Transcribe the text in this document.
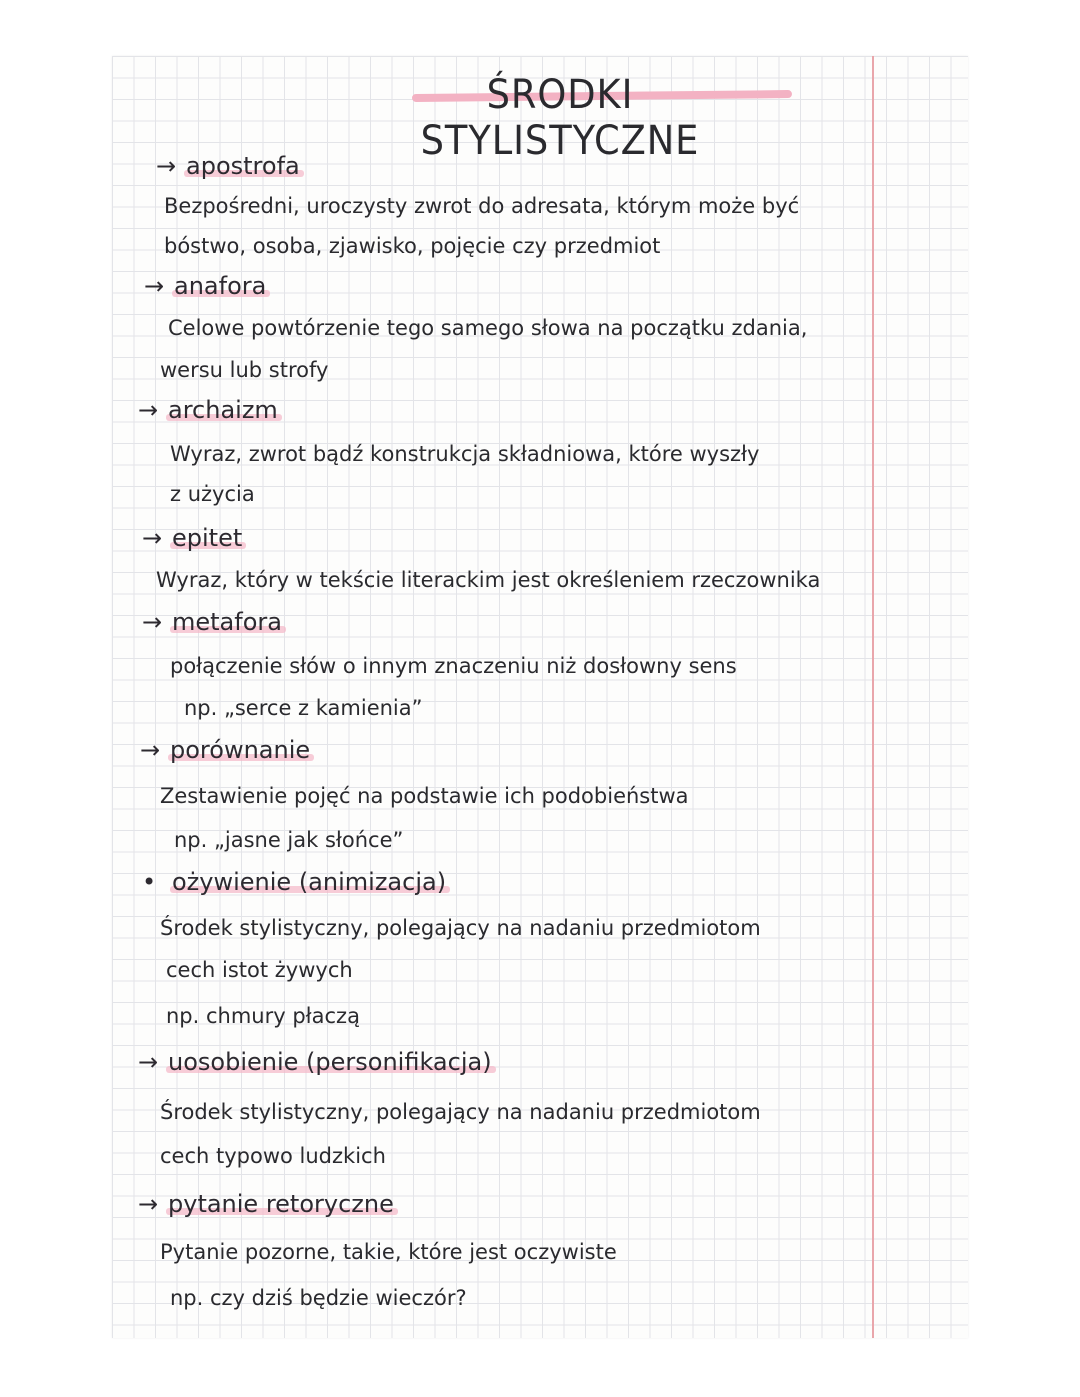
ŚRODKI STYLISTYCZNE
→ apostrofa
Bezpośredni, uroczysty zwrot do adresata, którym może być
bóstwo, osoba, zjawisko, pojęcie czy przedmiot
→ anafora
Celowe powtórzenie tego samego słowa na początku zdania,
wersu lub strofy
→ archaizm
Wyraz, zwrot bądź konstrukcja składniowa, które wyszły
z użycia
→ epitet
Wyraz, który w tekście literackim jest określeniem rzeczownika
→ metafora
połączenie słów o innym znaczeniu niż dosłowny sens
np. „serce z kamienia”
→ porównanie
Zestawienie pojęć na podstawie ich podobieństwa
np. „jasne jak słońce”
• ożywienie (animizacja)
Środek stylistyczny, polegający na nadaniu przedmiotom
cech istot żywych
np. chmury płaczą
→ uosobienie (personifikacja)
Środek stylistyczny, polegający na nadaniu przedmiotom
cech typowo ludzkich
→ pytanie retoryczne
Pytanie pozorne, takie, które jest oczywiste
np. czy dziś będzie wieczór?
